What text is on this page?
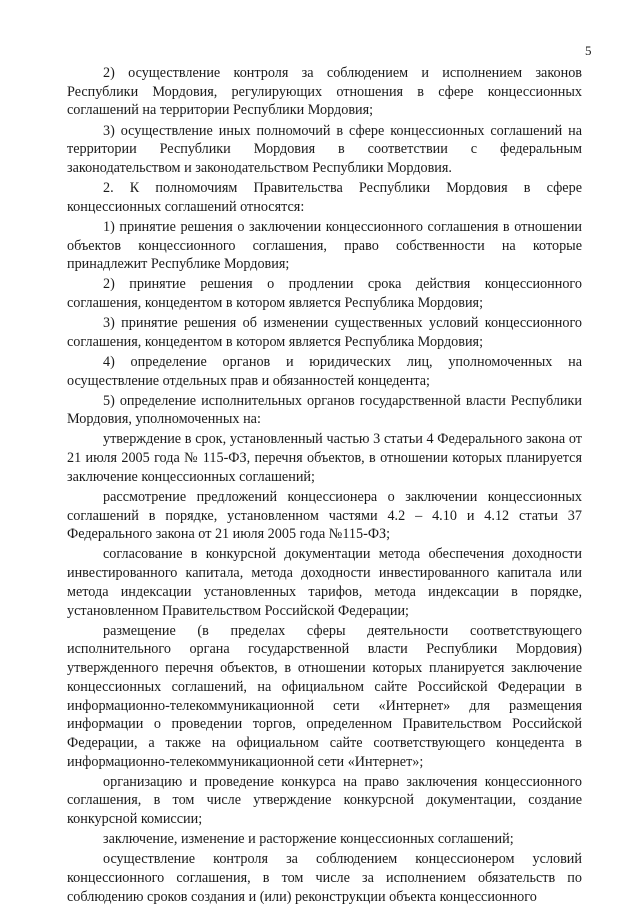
5

2) осуществление контроля за соблюдением и исполнением законов Республики Мордовия, регулирующих отношения в сфере концессионных соглашений на территории Республики Мордовия;

3) осуществление иных полномочий в сфере концессионных соглашений на территории Республики Мордовия в соответствии с федеральным законодательством и законодательством Республики Мордовия.

2. К полномочиям Правительства Республики Мордовия в сфере концессионных соглашений относятся:

1) принятие решения о заключении концессионного соглашения в отношении объектов концессионного соглашения, право собственности на которые принадлежит Республике Мордовия;

2) принятие решения о продлении срока действия концессионного соглашения, концедентом в котором является Республика Мордовия;

3) принятие решения об изменении существенных условий концессионного соглашения, концедентом в котором является Республика Мордовия;

4) определение органов и юридических лиц, уполномоченных на осуществление отдельных прав и обязанностей концедента;

5) определение исполнительных органов государственной власти Республики Мордовия, уполномоченных на:

утверждение в срок, установленный частью 3 статьи 4 Федерального закона от 21 июля 2005 года № 115-ФЗ, перечня объектов, в отношении которых планируется заключение концессионных соглашений;

рассмотрение предложений концессионера о заключении концессионных соглашений в порядке, установленном частями 4.2 – 4.10 и 4.12 статьи 37 Федерального закона от 21 июля 2005 года №115-ФЗ;

согласование в конкурсной документации метода обеспечения доходности инвестированного капитала, метода доходности инвестированного капитала или метода индексации установленных тарифов, метода индексации в порядке, установленном Правительством Российской Федерации;

размещение (в пределах сферы деятельности соответствующего исполнительного органа государственной власти Республики Мордовия) утвержденного перечня объектов, в отношении которых планируется заключение концессионных соглашений, на официальном сайте Российской Федерации в информационно-телекоммуникационной сети «Интернет» для размещения информации о проведении торгов, определенном Правительством Российской Федерации, а также на официальном сайте соответствующего концедента в информационно-телекоммуникационной сети «Интернет»;

организацию и проведение конкурса на право заключения концессионного соглашения, в том числе утверждение конкурсной документации, создание конкурсной комиссии;

заключение, изменение и расторжение концессионных соглашений;

осуществление контроля за соблюдением концессионером условий концессионного соглашения, в том числе за исполнением обязательств по соблюдению сроков создания и (или) реконструкции объекта концессионного
